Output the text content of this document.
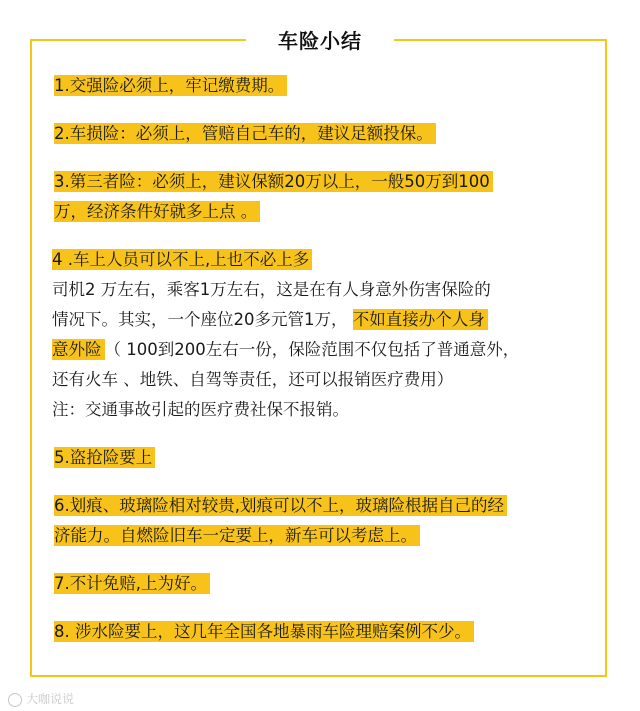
车险小结
1.交强险必须上，牢记缴费期。
2.车损险：必须上，管赔自己车的，建议足额投保。
3.第三者险：必须上，建议保额20万以上，一般50万到100
万，经济条件好就多上点 。
4 .车上人员可以不上,上也不必上多
司机2 万左右，乘客1万左右，这是在有人身意外伤害保险的
情况下。其实，一个座位20多元管1万， 不如直接办个人身
意外险 （ 100到200左右一份，保险范围不仅包括了普通意外，
还有火车 、地铁、自驾等责任，还可以报销医疗费用）
注：交通事故引起的医疗费社保不报销。
5.盗抢险要上
6.划痕、玻璃险相对较贵,划痕可以不上，玻璃险根据自己的经
济能力。自燃险旧车一定要上，新车可以考虑上。
7.不计免赔,上为好。
8. 涉水险要上，这几年全国各地暴雨车险理赔案例不少。
大咖说说
